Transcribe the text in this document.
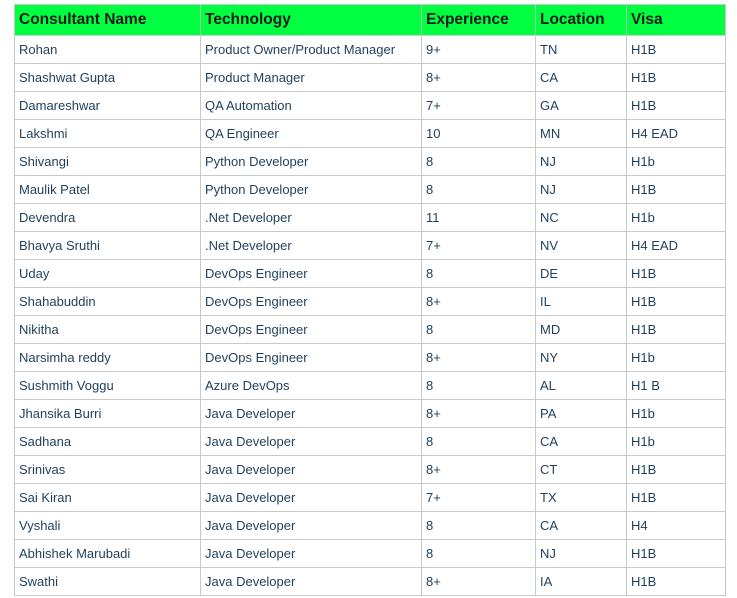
Consultant Name	Technology	Experience	Location	Visa
Rohan	Product Owner/Product Manager	9+	TN	H1B
Shashwat Gupta	Product Manager	8+	CA	H1B
Damareshwar	QA Automation	7+	GA	H1B
Lakshmi	QA Engineer	10	MN	H4 EAD
Shivangi	Python Developer	8	NJ	H1b
Maulik Patel	Python Developer	8	NJ	H1B
Devendra	.Net Developer	11	NC	H1b
Bhavya Sruthi	.Net Developer	7+	NV	H4 EAD
Uday	DevOps Engineer	8	DE	H1B
Shahabuddin	DevOps Engineer	8+	IL	H1B
Nikitha	DevOps Engineer	8	MD	H1B
Narsimha reddy	DevOps Engineer	8+	NY	H1b
Sushmith Voggu	Azure DevOps	8	AL	H1 B
Jhansika Burri	Java Developer	8+	PA	H1b
Sadhana	Java Developer	8	CA	H1b
Srinivas	Java Developer	8+	CT	H1B
Sai Kiran	Java Developer	7+	TX	H1B
Vyshali	Java Developer	8	CA	H4
Abhishek Marubadi	Java Developer	8	NJ	H1B
Swathi	Java Developer	8+	IA	H1B
